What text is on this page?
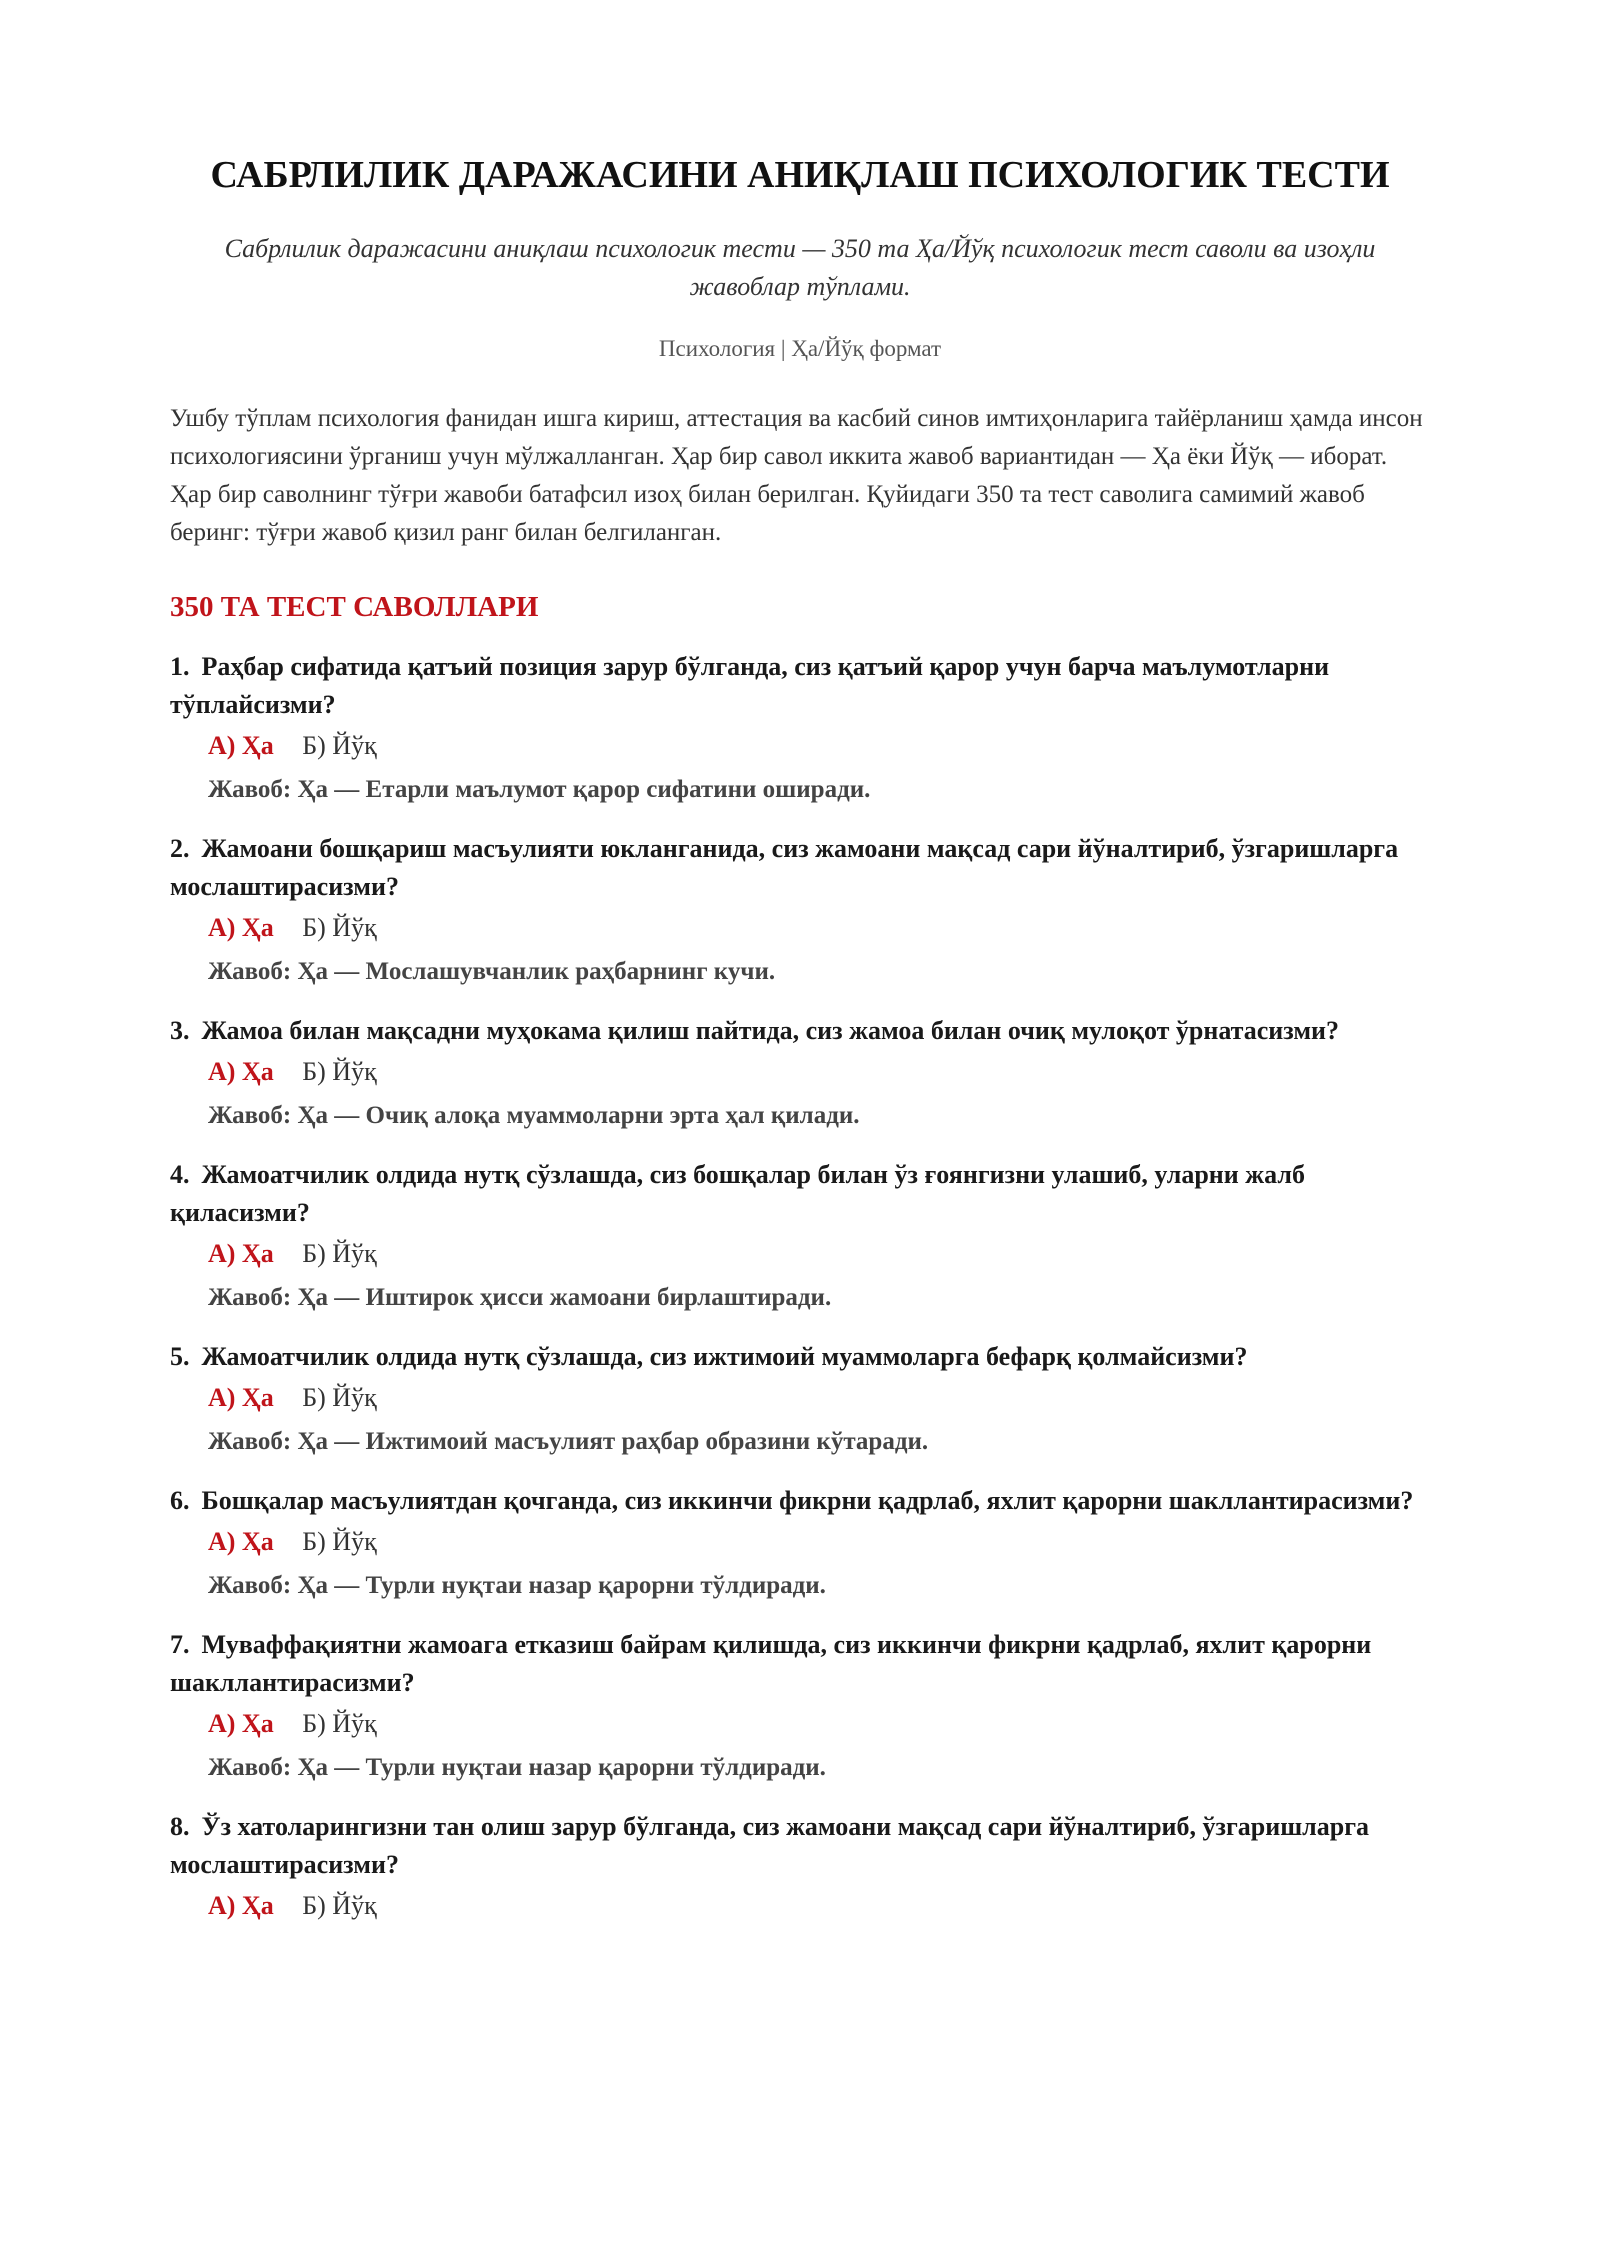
САБРЛИЛИК ДАРАЖАСИНИ АНИҚЛАШ ПСИХОЛОГИК ТЕСТИ

Сабрлилик даражасини аниқлаш психологик тести — 350 та Ҳа/Йўқ психологик тест саволи ва изоҳли жавоблар тўплами.

Психология | Ҳа/Йўқ формат

Ушбу тўплам психология фанидан ишга кириш, аттестация ва касбий синов имтиҳонларига тайёрланиш ҳамда инсон психологиясини ўрганиш учун мўлжалланган. Ҳар бир савол иккита жавоб вариантидан — Ҳа ёки Йўқ — иборат. Ҳар бир саволнинг тўғри жавоби батафсил изоҳ билан берилган. Қуйидаги 350 та тест саволига самимий жавоб беринг: тўғри жавоб қизил ранг билан белгиланган.

350 ТА ТЕСТ САВОЛЛАРИ
1. Раҳбар сифатида қатъий позиция зарур бўлганда, сиз қатъий қарор учун барча маълумотларни тўплайсизми?
А) Ҳа Б) Йўқ
Жавоб: Ҳа — Етарли маълумот қарор сифатини оширади.
2. Жамоани бошқариш масъулияти юкланганида, сиз жамоани мақсад сари йўналтириб, ўзгаришларга мослаштирасизми?
А) Ҳа Б) Йўқ
Жавоб: Ҳа — Мослашувчанлик раҳбарнинг кучи.
3. Жамоа билан мақсадни муҳокама қилиш пайтида, сиз жамоа билан очиқ мулоқот ўрнатасизми?
А) Ҳа Б) Йўқ
Жавоб: Ҳа — Очиқ алоқа муаммоларни эрта ҳал қилади.
4. Жамоатчилик олдида нутқ сўзлашда, сиз бошқалар билан ўз ғоянгизни улашиб, уларни жалб қиласизми?
А) Ҳа Б) Йўқ
Жавоб: Ҳа — Иштирок ҳисси жамоани бирлаштиради.
5. Жамоатчилик олдида нутқ сўзлашда, сиз ижтимоий муаммоларга бефарқ қолмайсизми?
А) Ҳа Б) Йўқ
Жавоб: Ҳа — Ижтимоий масъулият раҳбар образини кўтаради.
6. Бошқалар масъулиятдан қочганда, сиз иккинчи фикрни қадрлаб, яхлит қарорни шакллантирасизми?
А) Ҳа Б) Йўқ
Жавоб: Ҳа — Турли нуқтаи назар қарорни тўлдиради.
7. Муваффақиятни жамоага етказиш байрам қилишда, сиз иккинчи фикрни қадрлаб, яхлит қарорни шакллантирасизми?
А) Ҳа Б) Йўқ
Жавоб: Ҳа — Турли нуқтаи назар қарорни тўлдиради.
8. Ўз хатоларингизни тан олиш зарур бўлганда, сиз жамоани мақсад сари йўналтириб, ўзгаришларга мослаштирасизми?
А) Ҳа Б) Йўқ
